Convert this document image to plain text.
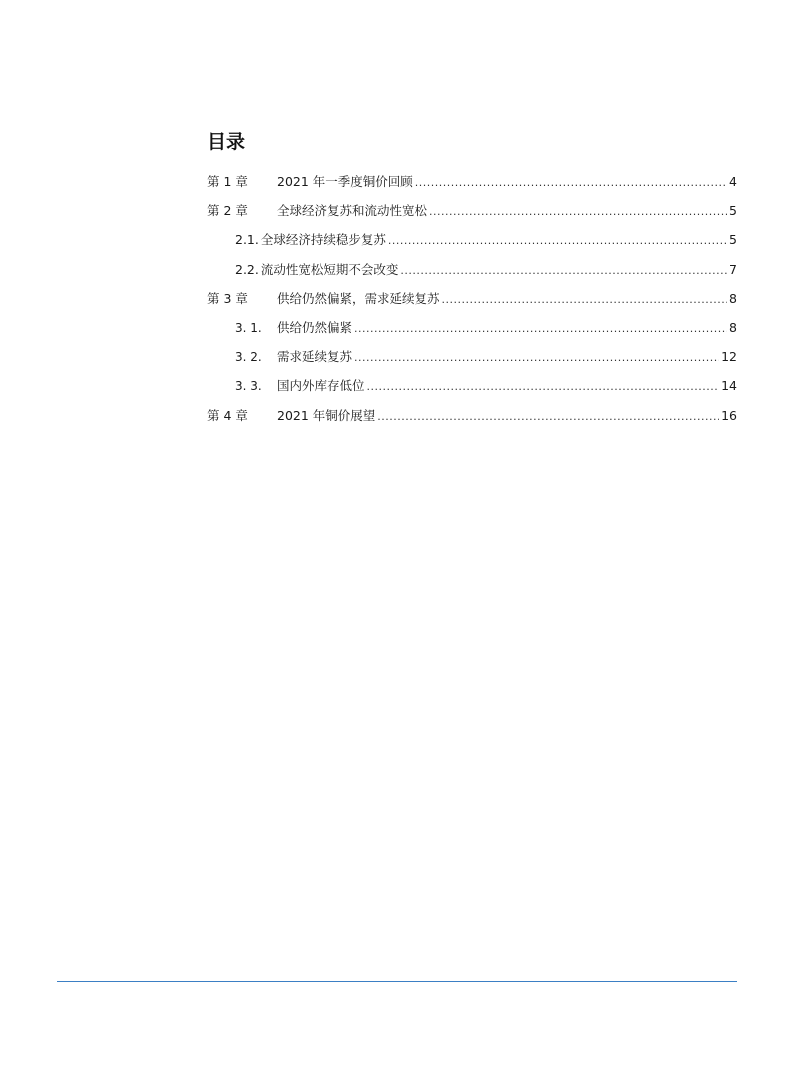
目录
第 1 章	2021 年一季度铜价回顾 .....	4
第 2 章	全球经济复苏和流动性宽松 .....	5
2.1. 全球经济持续稳步复苏 .....	5
2.2. 流动性宽松短期不会改变 .....	7
第 3 章	供给仍然偏紧，需求延续复苏 .....	8
3. 1.	供给仍然偏紧 .....	8
3. 2.	需求延续复苏 .....	12
3. 3.	国内外库存低位 .....	14
第 4 章	2021 年铜价展望 .....	16
